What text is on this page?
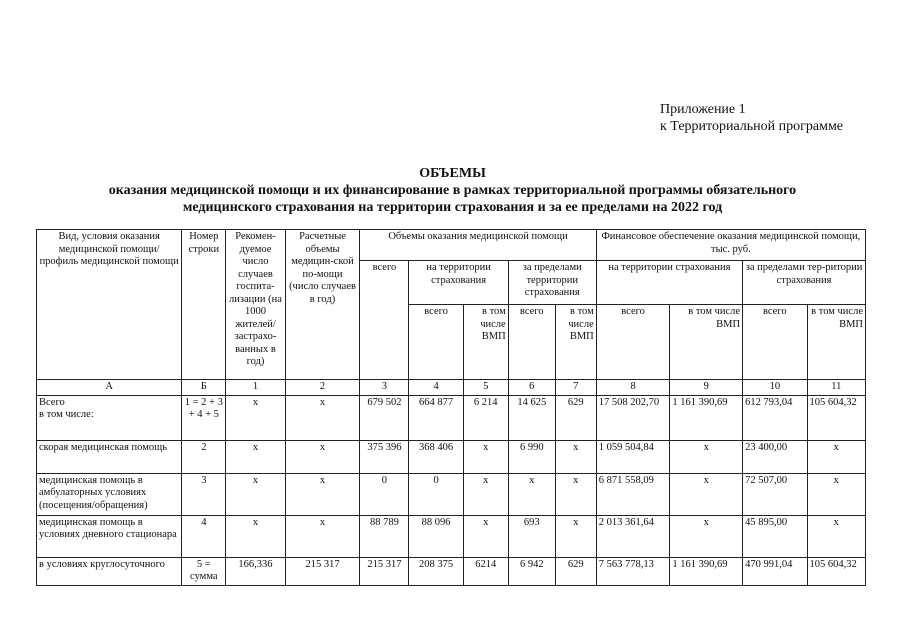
Приложение 1
к Территориальной программе
ОБЪЕМЫ
оказания медицинской помощи и их финансирование в рамках территориальной программы обязательного
медицинского страхования на территории страхования и за ее пределами на 2022 год
Вид, условия оказания медицинской помощи/ профиль медицинской помощи	Номер строки	Рекомен-дуемое число случаев госпита-лизации (на 1000 жителей/ застрахо-ванных в год)	Расчетные объемы медицин-ской по-мощи (число случаев в год)	Объемы оказания медицинской помощи					Финансовое обеспечение оказания медицинской помощи, тыс. руб.			
				всего	на территории страхования		за пределами территории страхования		на территории страхования		за пределами тер-ритории страхования	
					всего	в том числе ВМП	всего	в том числе ВМП	всего	в том числе ВМП	всего	в том числе ВМП
А	Б	1	2	3	4	5	6	7	8	9	10	11
Всего
в том числе:	1 = 2 + 3 + 4 + 5	х	х	679 502	664 877	6 214	14 625	629	17 508 202,70	1 161 390,69	612 793,04	105 604,32
скорая медицинская помощь	2	х	х	375 396	368 406	х	6 990	х	1 059 504,84	х	23 400,00	х
медицинская помощь в амбулаторных условиях (посещения/обращения)	3	х	х	0	0	х	х	х	6 871 558,09	х	72 507,00	х
медицинская помощь в условиях дневного стационара	4	х	х	88 789	88 096	х	693	х	2 013 361,64	х	45 895,00	х
в условиях круглосуточного	5 = сумма	166,336	215 317	215 317	208 375	6214	6 942	629	7 563 778,13	1 161 390,69	470 991,04	105 604,32
